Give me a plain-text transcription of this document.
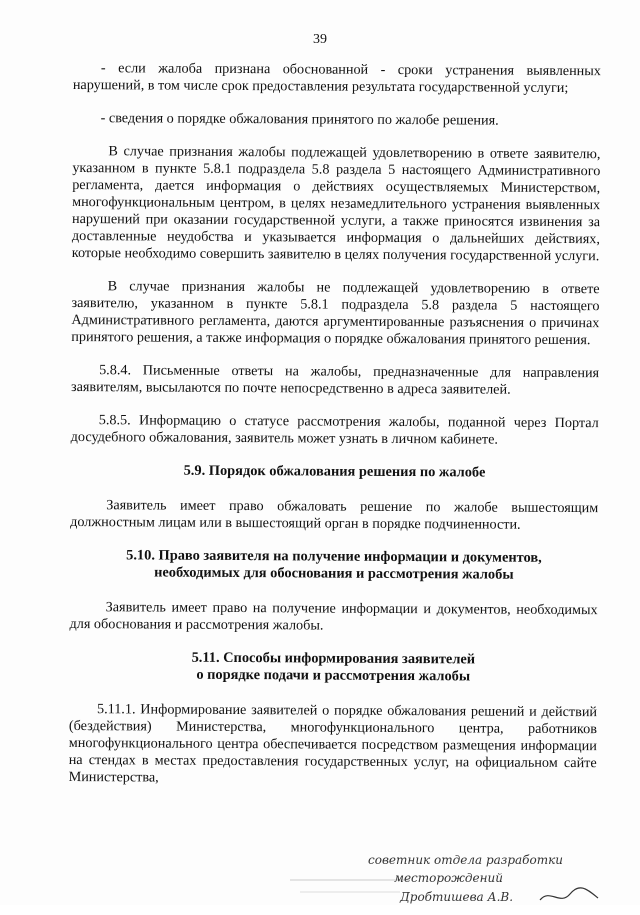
39

- если жалоба признана обоснованной - сроки устранения выявленных нарушений, в том числе срок предоставления результата государственной услуги;

- сведения о порядке обжалования принятого по жалобе решения.

В случае признания жалобы подлежащей удовлетворению в ответе заявителю, указанном в пункте 5.8.1 подраздела 5.8 раздела 5 настоящего Административного регламента, дается информация о действиях осуществляемых Министерством, многофункциональным центром, в целях незамедлительного устранения выявленных нарушений при оказании государственной услуги, а также приносятся извинения за доставленные неудобства и указывается информация о дальнейших действиях, которые необходимо совершить заявителю в целях получения государственной услуги.

В случае признания жалобы не подлежащей удовлетворению в ответе заявителю, указанном в пункте 5.8.1 подраздела 5.8 раздела 5 настоящего Административного регламента, даются аргументированные разъяснения о причинах принятого решения, а также информация о порядке обжалования принятого решения.

5.8.4. Письменные ответы на жалобы, предназначенные для направления заявителям, высылаются по почте непосредственно в адреса заявителей.

5.8.5. Информацию о статусе рассмотрения жалобы, поданной через Портал досудебного обжалования, заявитель может узнать в личном кабинете.

5.9. Порядок обжалования решения по жалобе

Заявитель имеет право обжаловать решение по жалобе вышестоящим должностным лицам или в вышестоящий орган в порядке подчиненности.

5.10. Право заявителя на получение информации и документов,
необходимых для обоснования и рассмотрения жалобы

Заявитель имеет право на получение информации и документов, необходимых для обоснования и рассмотрения жалобы.

5.11. Способы информирования заявителей
о порядке подачи и рассмотрения жалобы

5.11.1. Информирование заявителей о порядке обжалования решений и действий (бездействия) Министерства, многофункционального центра, работников многофункционального центра обеспечивается посредством размещения информации на стендах в местах предоставления государственных услуг, на официальном сайте Министерства,

советник отдела разработки
месторождений
Дробтишева А.В.
